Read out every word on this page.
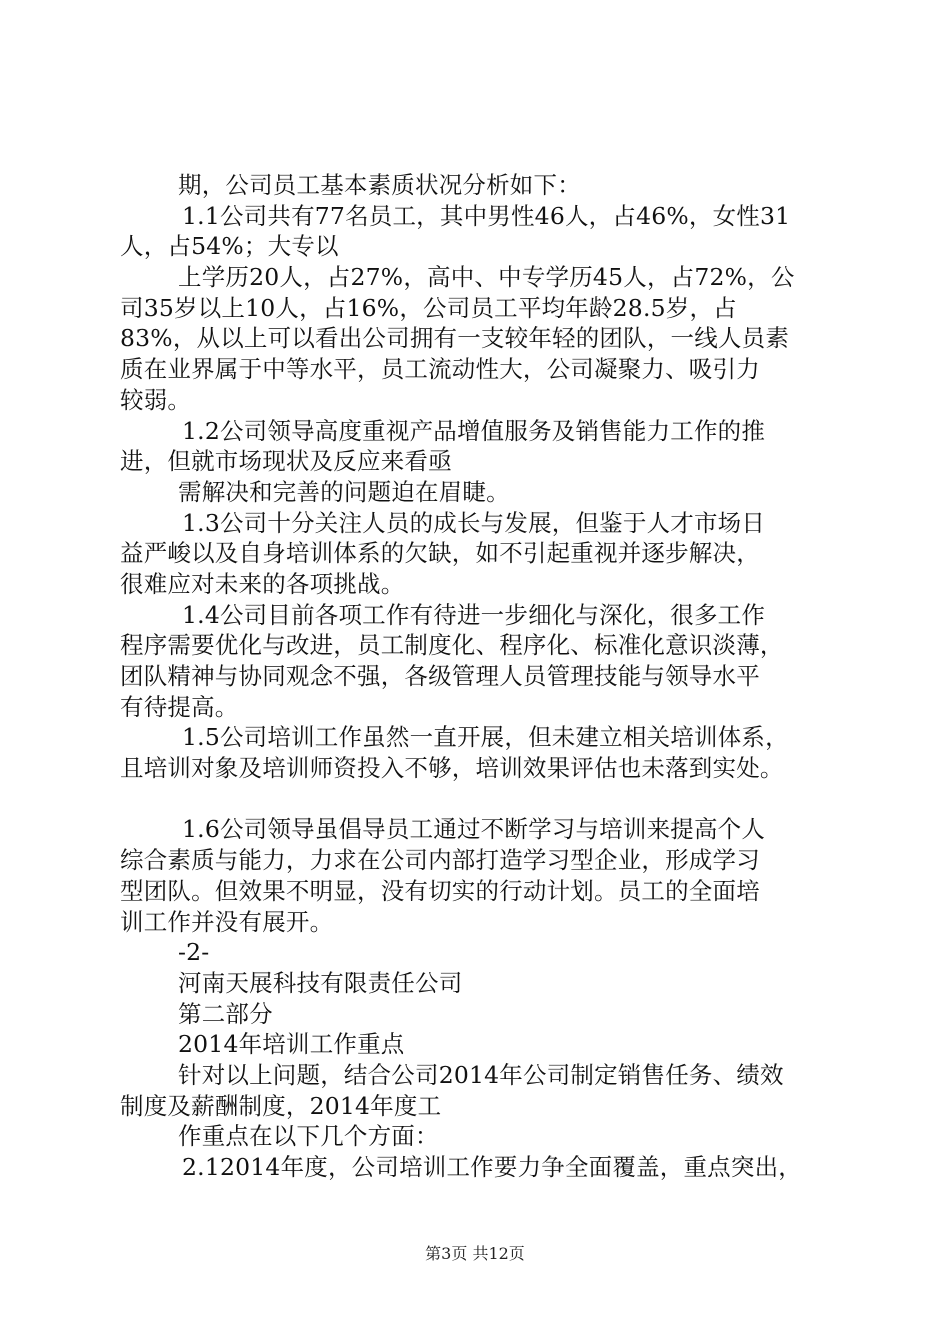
期，公司员工基本素质状况分析如下：
1.1公司共有77名员工，其中男性46人，占46%，女性31
人，占54%；大专以
上学历20人，占27%，高中、中专学历45人，占72%，公
司35岁以上10人，占16%，公司员工平均年龄28.5岁，占
83%，从以上可以看出公司拥有一支较年轻的团队，一线人员素
质在业界属于中等水平，员工流动性大，公司凝聚力、吸引力
较弱。
1.2公司领导高度重视产品增值服务及销售能力工作的推
进，但就市场现状及反应来看亟
需解决和完善的问题迫在眉睫。
1.3公司十分关注人员的成长与发展，但鉴于人才市场日
益严峻以及自身培训体系的欠缺，如不引起重视并逐步解决，
很难应对未来的各项挑战。
1.4公司目前各项工作有待进一步细化与深化，很多工作
程序需要优化与改进，员工制度化、程序化、标准化意识淡薄，
团队精神与协同观念不强，各级管理人员管理技能与领导水平
有待提高。
1.5公司培训工作虽然一直开展，但未建立相关培训体系，
且培训对象及培训师资投入不够，培训效果评估也未落到实处。
1.6公司领导虽倡导员工通过不断学习与培训来提高个人
综合素质与能力，力求在公司内部打造学习型企业，形成学习
型团队。但效果不明显，没有切实的行动计划。员工的全面培
训工作并没有展开。
-2-
河南天展科技有限责任公司
第二部分
2014年培训工作重点
针对以上问题，结合公司2014年公司制定销售任务、绩效
制度及薪酬制度，2014年度工
作重点在以下几个方面：
2.12014年度，公司培训工作要力争全面覆盖，重点突出，
第3页 共12页
